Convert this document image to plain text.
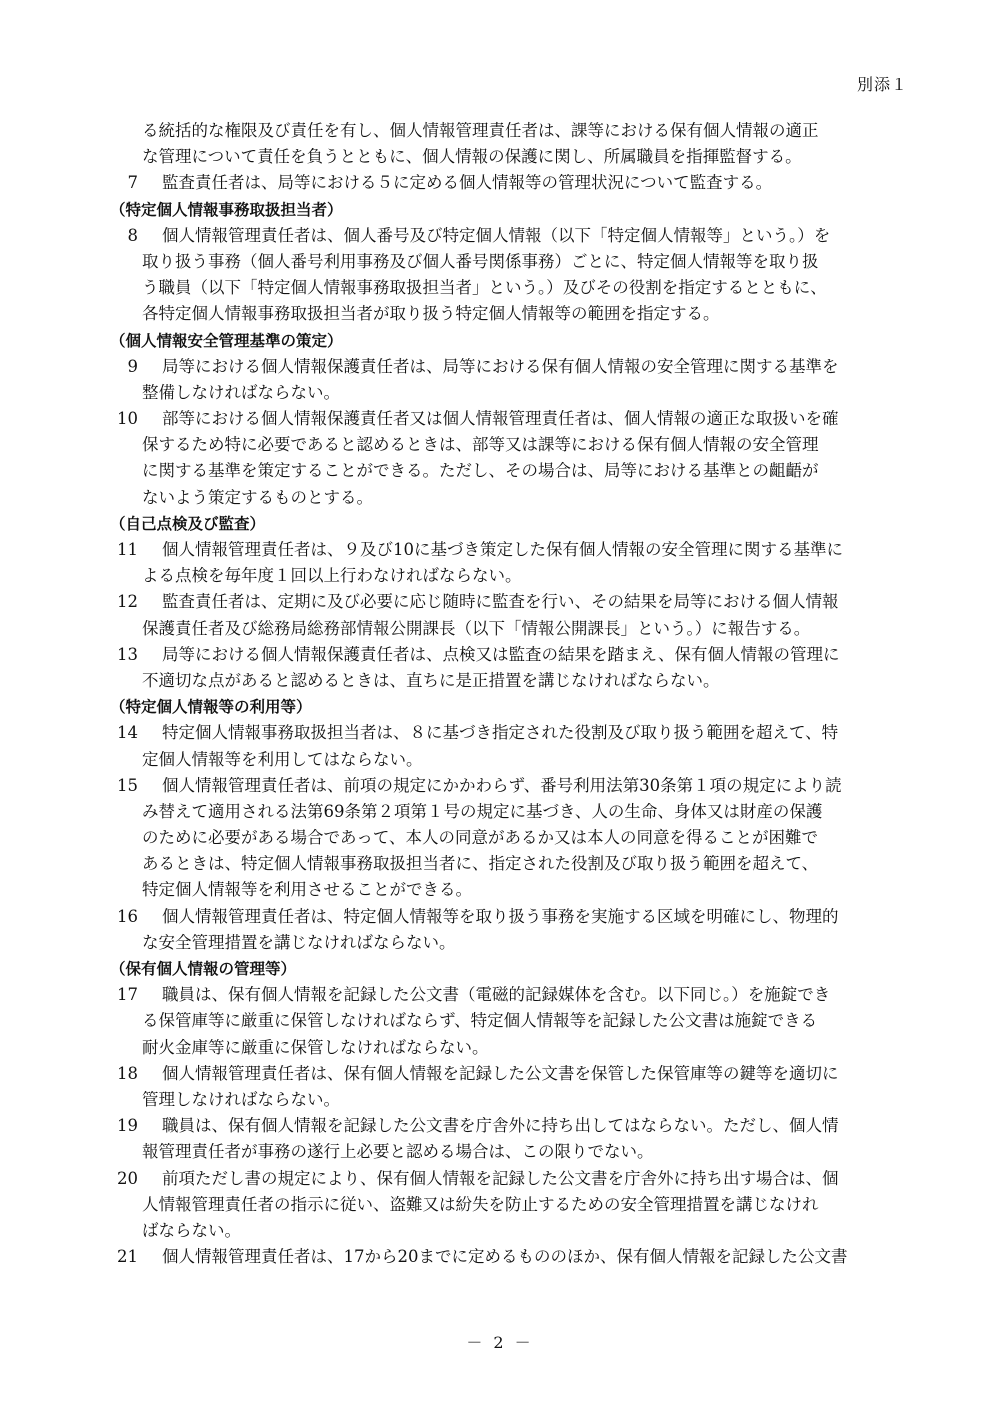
別添１
る統括的な権限及び責任を有し、個人情報管理責任者は、課等における保有個人情報の適正
な管理について責任を負うとともに、個人情報の保護に関し、所属職員を指揮監督する。
7 監査責任者は、局等における５に定める個人情報等の管理状況について監査する。
（特定個人情報事務取扱担当者）
8 個人情報管理責任者は、個人番号及び特定個人情報（以下「特定個人情報等」という。）を
取り扱う事務（個人番号利用事務及び個人番号関係事務）ごとに、特定個人情報等を取り扱
う職員（以下「特定個人情報事務取扱担当者」という。）及びその役割を指定するとともに、
各特定個人情報事務取扱担当者が取り扱う特定個人情報等の範囲を指定する。
（個人情報安全管理基準の策定）
9 局等における個人情報保護責任者は、局等における保有個人情報の安全管理に関する基準を
整備しなければならない。
10 部等における個人情報保護責任者又は個人情報管理責任者は、個人情報の適正な取扱いを確
保するため特に必要であると認めるときは、部等又は課等における保有個人情報の安全管理
に関する基準を策定することができる。ただし、その場合は、局等における基準との齟齬が
ないよう策定するものとする。
（自己点検及び監査）
11 個人情報管理責任者は、９及び10に基づき策定した保有個人情報の安全管理に関する基準に
よる点検を毎年度１回以上行わなければならない。
12 監査責任者は、定期に及び必要に応じ随時に監査を行い、その結果を局等における個人情報
保護責任者及び総務局総務部情報公開課長（以下「情報公開課長」という。）に報告する。
13 局等における個人情報保護責任者は、点検又は監査の結果を踏まえ、保有個人情報の管理に
不適切な点があると認めるときは、直ちに是正措置を講じなければならない。
（特定個人情報等の利用等）
14 特定個人情報事務取扱担当者は、８に基づき指定された役割及び取り扱う範囲を超えて、特
定個人情報等を利用してはならない。
15 個人情報管理責任者は、前項の規定にかかわらず、番号利用法第30条第１項の規定により読
み替えて適用される法第69条第２項第１号の規定に基づき、人の生命、身体又は財産の保護
のために必要がある場合であって、本人の同意があるか又は本人の同意を得ることが困難で
あるときは、特定個人情報事務取扱担当者に、指定された役割及び取り扱う範囲を超えて、
特定個人情報等を利用させることができる。
16 個人情報管理責任者は、特定個人情報等を取り扱う事務を実施する区域を明確にし、物理的
な安全管理措置を講じなければならない。
（保有個人情報の管理等）
17 職員は、保有個人情報を記録した公文書（電磁的記録媒体を含む。以下同じ。）を施錠でき
る保管庫等に厳重に保管しなければならず、特定個人情報等を記録した公文書は施錠できる
耐火金庫等に厳重に保管しなければならない。
18 個人情報管理責任者は、保有個人情報を記録した公文書を保管した保管庫等の鍵等を適切に
管理しなければならない。
19 職員は、保有個人情報を記録した公文書を庁舎外に持ち出してはならない。ただし、個人情
報管理責任者が事務の遂行上必要と認める場合は、この限りでない。
20 前項ただし書の規定により、保有個人情報を記録した公文書を庁舎外に持ち出す場合は、個
人情報管理責任者の指示に従い、盗難又は紛失を防止するための安全管理措置を講じなけれ
ばならない。
21 個人情報管理責任者は、17から20までに定めるもののほか、保有個人情報を記録した公文書
－ 2 －
